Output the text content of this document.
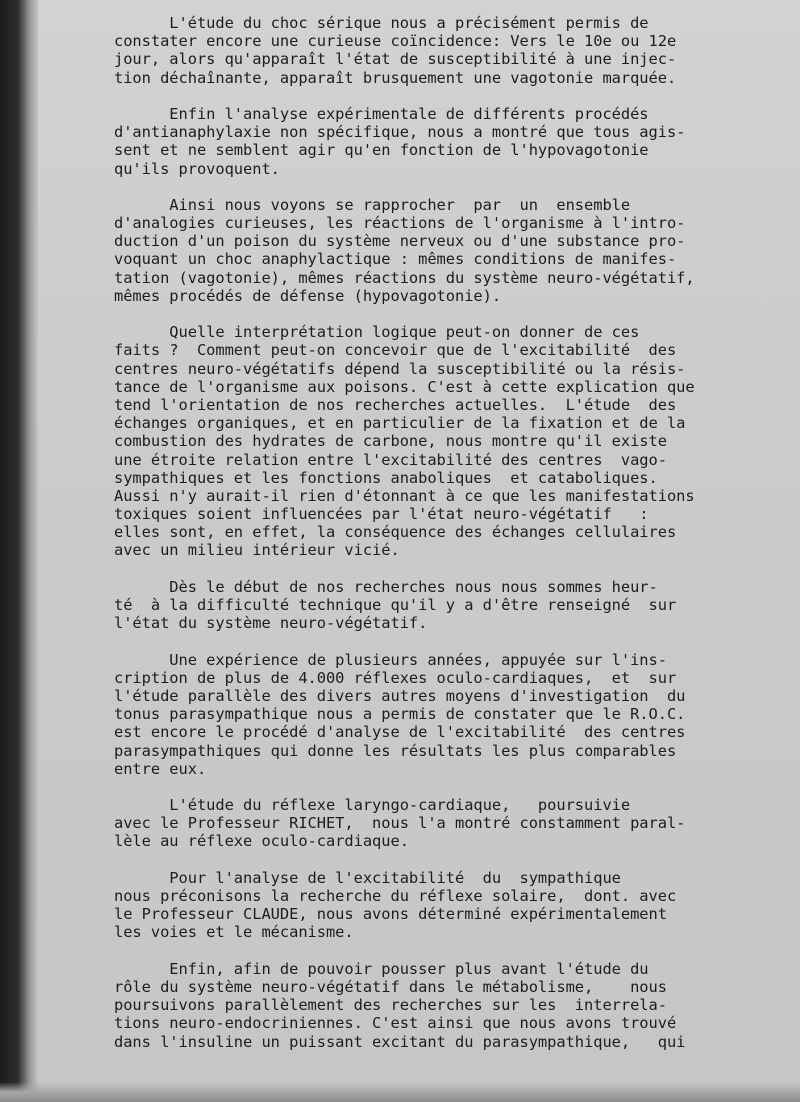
L'étude du choc sérique nous a précisément permis de
constater encore une curieuse coïncidence: Vers le 10e ou 12e
jour, alors qu'apparaît l'état de susceptibilité à une injec-
tion déchaînante, apparaît brusquement une vagotonie marquée.

Enfin l'analyse expérimentale de différents procédés
d'antianaphylaxie non spécifique, nous a montré que tous agis-
sent et ne semblent agir qu'en fonction de l'hypovagotonie
qu'ils provoquent.

Ainsi nous voyons se rapprocher  par  un  ensemble
d'analogies curieuses, les réactions de l'organisme à l'intro-
duction d'un poison du système nerveux ou d'une substance pro-
voquant un choc anaphylactique : mêmes conditions de manifes-
tation (vagotonie), mêmes réactions du système neuro-végétatif,
mêmes procédés de défense (hypovagotonie).

Quelle interprétation logique peut-on donner de ces
faits ?  Comment peut-on concevoir que de l'excitabilité  des
centres neuro-végétatifs dépend la susceptibilité ou la résis-
tance de l'organisme aux poisons. C'est à cette explication que
tend l'orientation de nos recherches actuelles.  L'étude  des
échanges organiques, et en particulier de la fixation et de la
combustion des hydrates de carbone, nous montre qu'il existe
une étroite relation entre l'excitabilité des centres  vago-
sympathiques et les fonctions anaboliques  et cataboliques.
Aussi n'y aurait-il rien d'étonnant à ce que les manifestations
toxiques soient influencées par l'état neuro-végétatif   :
elles sont, en effet, la conséquence des échanges cellulaires
avec un milieu intérieur vicié.

Dès le début de nos recherches nous nous sommes heur-
té  à la difficulté technique qu'il y a d'être renseigné  sur
l'état du système neuro-végétatif.

Une expérience de plusieurs années, appuyée sur l'ins-
cription de plus de 4.000 réflexes oculo-cardiaques,  et  sur
l'étude parallèle des divers autres moyens d'investigation  du
tonus parasympathique nous a permis de constater que le R.O.C.
est encore le procédé d'analyse de l'excitabilité  des centres
parasympathiques qui donne les résultats les plus comparables
entre eux.

L'étude du réflexe laryngo-cardiaque,   poursuivie
avec le Professeur RICHET,  nous l'a montré constamment paral-
lèle au réflexe oculo-cardiaque.

Pour l'analyse de l'excitabilité  du  sympathique
nous préconisons la recherche du réflexe solaire,  dont. avec
le Professeur CLAUDE, nous avons déterminé expérimentalement
les voies et le mécanisme.

Enfin, afin de pouvoir pousser plus avant l'étude du
rôle du système neuro-végétatif dans le métabolisme,    nous
poursuivons parallèlement des recherches sur les  interrela-
tions neuro-endocriniennes. C'est ainsi que nous avons trouvé
dans l'insuline un puissant excitant du parasympathique,   qui
